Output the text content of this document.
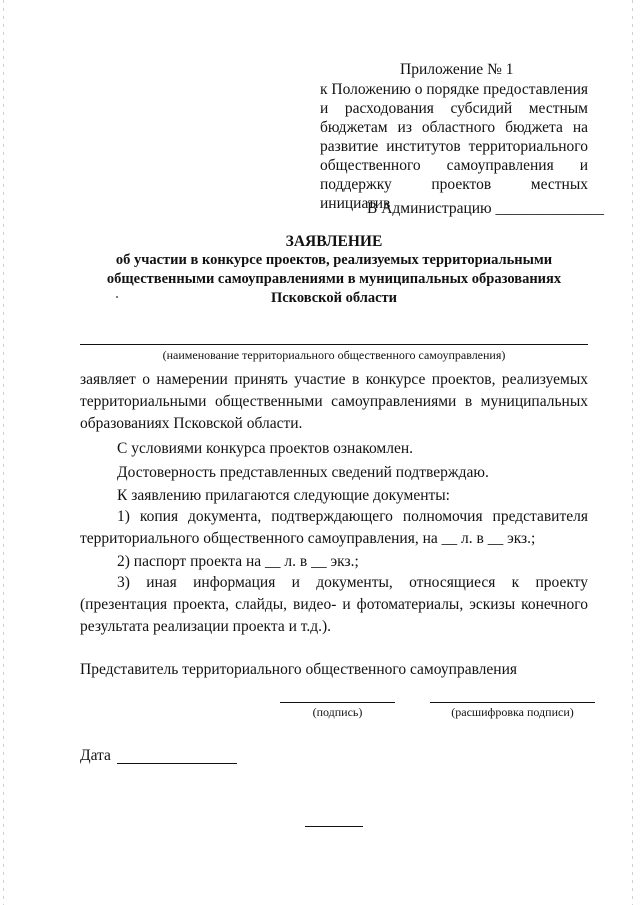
Приложение № 1
к Положению о порядке предоставления
и расходования субсидий местным
бюджетам из областного бюджета на
развитие институтов территориального
общественного самоуправления и
поддержку проектов местных инициатив
В Администрацию ______________
ЗАЯВЛЕНИЕ
об участии в конкурсе проектов, реализуемых территориальными
общественными самоуправлениями в муниципальных образованиях
Псковской области
(наименование территориального общественного самоуправления)
заявляет о намерении принять участие в конкурсе проектов, реализуемых территориальными общественными самоуправлениями в муниципальных образованиях Псковской области.
С условиями конкурса проектов ознакомлен.
Достоверность представленных сведений подтверждаю.
К заявлению прилагаются следующие документы:
1) копия документа, подтверждающего полномочия представителя территориального общественного самоуправления, на __ л. в __ экз.;
2) паспорт проекта на __ л. в __ экз.;
3) иная информация и документы, относящиеся к проекту (презентация проекта, слайды, видео- и фотоматериалы, эскизы конечного результата реализации проекта и т.д.).
Представитель территориального общественного самоуправления
(подпись)	(расшифровка подписи)
Дата
